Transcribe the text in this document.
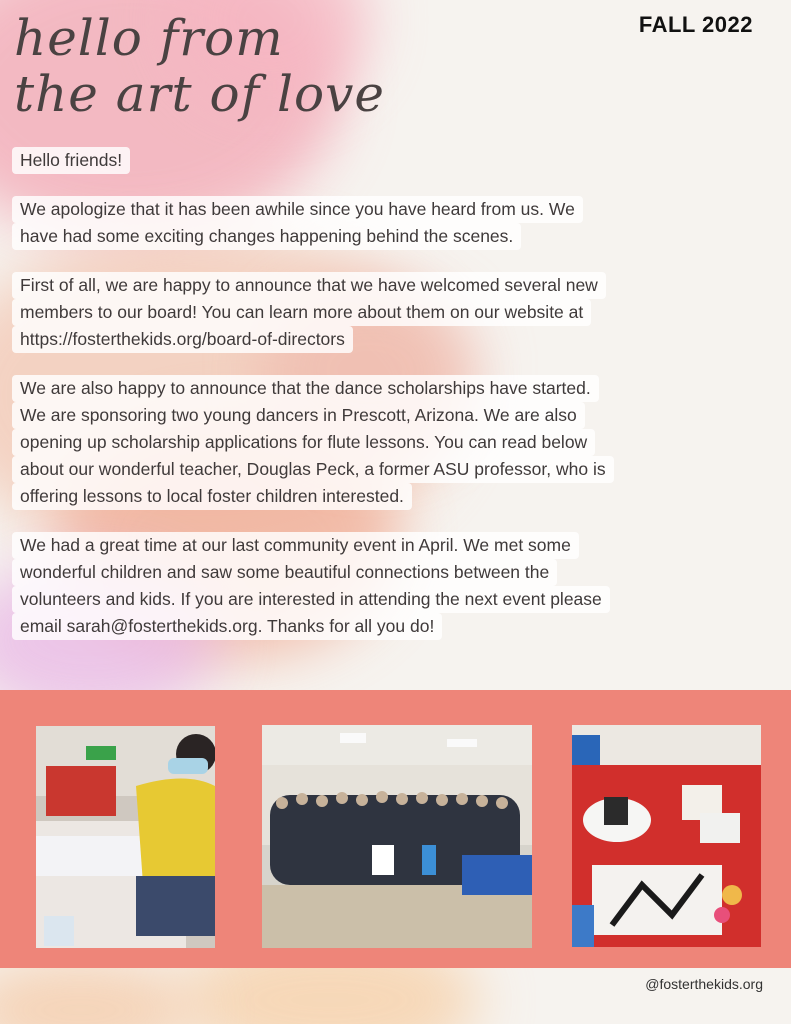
hello from
the art of love
FALL 2022
Hello friends!
We apologize that it has been awhile since you have heard from us. We
have had some exciting changes happening behind the scenes.
First of all, we are happy to announce that we have welcomed several new
members to our board! You can learn more about them on our website at
https://fosterthekids.org/board-of-directors
We are also happy to announce that the dance scholarships have started.
We are sponsoring two young dancers in Prescott, Arizona. We are also
opening up scholarship applications for flute lessons. You can read below
about our wonderful teacher, Douglas Peck, a former ASU professor, who is
offering lessons to local foster children interested.
We had a great time at our last community event in April. We met some
wonderful children and saw some beautiful connections between the
volunteers and kids. If you are interested in attending the next event please
email sarah@fosterthekids.org. Thanks for all you do!
@fosterthekids.org
